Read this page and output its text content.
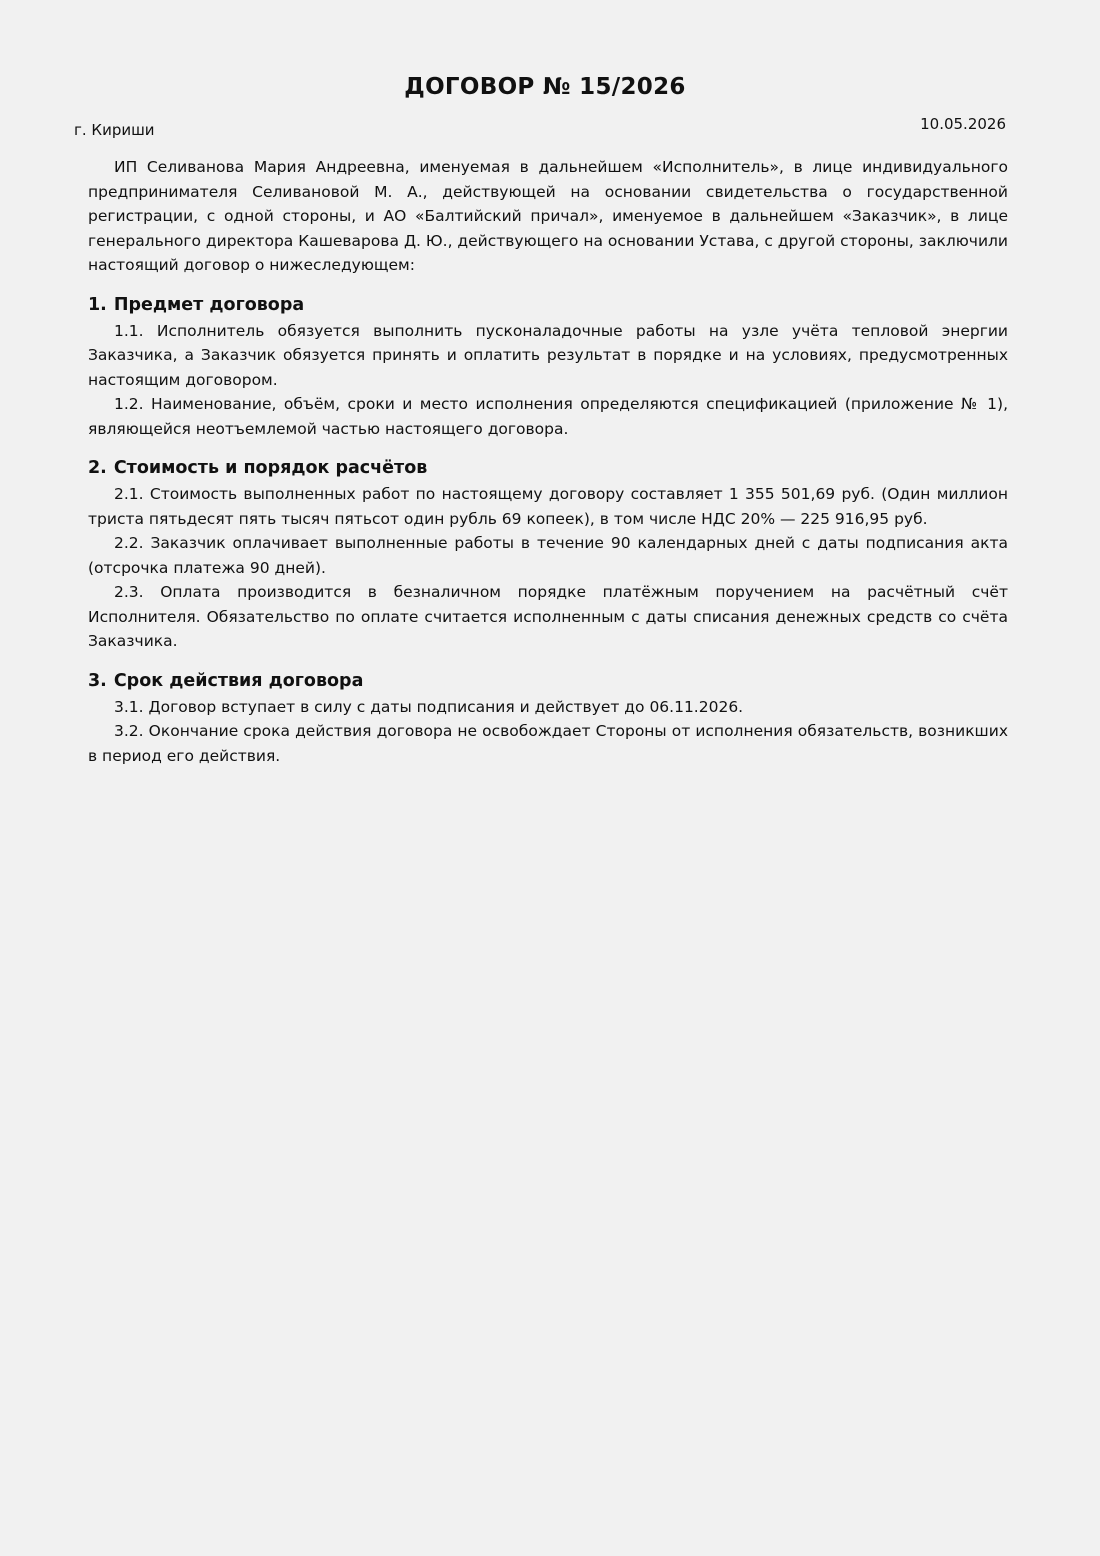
ДОГОВОР № 15/2026

г. Кириши	10.05.2026

ИП Селиванова Мария Андреевна, именуемая в дальнейшем «Исполнитель», в лице индивидуального предпринимателя Селивановой М. А., действующей на основании свидетельства о государственной регистрации, с одной стороны, и АО «Балтийский причал», именуемое в дальнейшем «Заказчик», в лице генерального директора Кашеварова Д. Ю., действующего на основании Устава, с другой стороны, заключили настоящий договор о нижеследующем:

1. Предмет договора

1.1. Исполнитель обязуется выполнить пусконаладочные работы на узле учёта тепловой энергии Заказчика, а Заказчик обязуется принять и оплатить результат в порядке и на условиях, предусмотренных настоящим договором.

1.2. Наименование, объём, сроки и место исполнения определяются спецификацией (приложение № 1), являющейся неотъемлемой частью настоящего договора.

2. Стоимость и порядок расчётов

2.1. Стоимость выполненных работ по настоящему договору составляет 1 355 501,69 руб. (Один миллион триста пятьдесят пять тысяч пятьсот один рубль 69 копеек), в том числе НДС 20% — 225 916,95 руб.

2.2. Заказчик оплачивает выполненные работы в течение 90 календарных дней с даты подписания акта (отсрочка платежа 90 дней).

2.3. Оплата производится в безналичном порядке платёжным поручением на расчётный счёт Исполнителя. Обязательство по оплате считается исполненным с даты списания денежных средств со счёта Заказчика.

3. Срок действия договора

3.1. Договор вступает в силу с даты подписания и действует до 06.11.2026.

3.2. Окончание срока действия договора не освобождает Стороны от исполнения обязательств, возникших в период его действия.
